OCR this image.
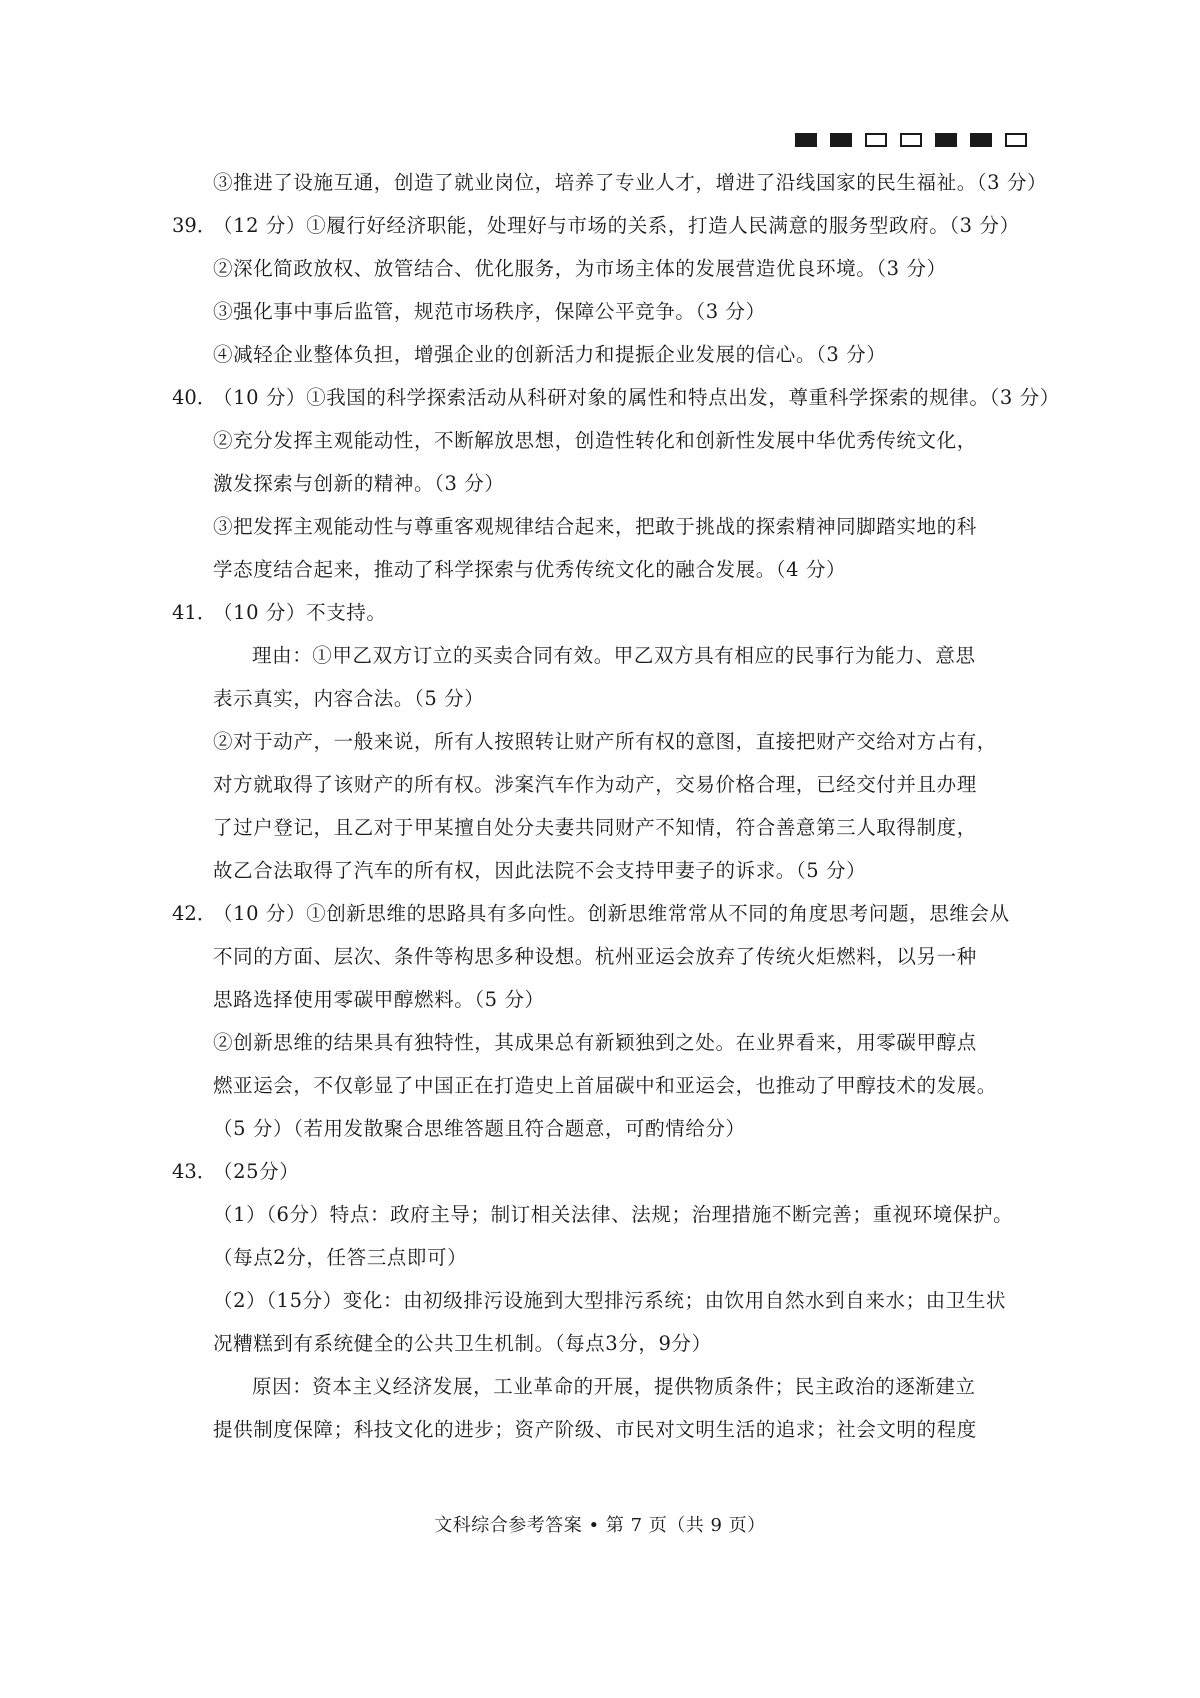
③推进了设施互通，创造了就业岗位，培养了专业人才，增进了沿线国家的民生福祉。（3 分）
39．
（12 分）①履行好经济职能，处理好与市场的关系，打造人民满意的服务型政府。（3 分）
②深化简政放权、放管结合、优化服务，为市场主体的发展营造优良环境。（3 分）
③强化事中事后监管，规范市场秩序，保障公平竞争。（3 分）
④减轻企业整体负担，增强企业的创新活力和提振企业发展的信心。（3 分）
40．
（10 分）①我国的科学探索活动从科研对象的属性和特点出发，尊重科学探索的规律。（3 分）
②充分发挥主观能动性，不断解放思想，创造性转化和创新性发展中华优秀传统文化，
激发探索与创新的精神。（3 分）
③把发挥主观能动性与尊重客观规律结合起来，把敢于挑战的探索精神同脚踏实地的科
学态度结合起来，推动了科学探索与优秀传统文化的融合发展。（4 分）
41．
（10 分）不支持。
理由：①甲乙双方订立的买卖合同有效。甲乙双方具有相应的民事行为能力、意思
表示真实，内容合法。（5 分）
②对于动产，一般来说，所有人按照转让财产所有权的意图，直接把财产交给对方占有，
对方就取得了该财产的所有权。涉案汽车作为动产，交易价格合理，已经交付并且办理
了过户登记，且乙对于甲某擅自处分夫妻共同财产不知情，符合善意第三人取得制度，
故乙合法取得了汽车的所有权，因此法院不会支持甲妻子的诉求。（5 分）
42．
（10 分）①创新思维的思路具有多向性。创新思维常常从不同的角度思考问题，思维会从
不同的方面、层次、条件等构思多种设想。杭州亚运会放弃了传统火炬燃料，以另一种
思路选择使用零碳甲醇燃料。（5 分）
②创新思维的结果具有独特性，其成果总有新颖独到之处。在业界看来，用零碳甲醇点
燃亚运会，不仅彰显了中国正在打造史上首届碳中和亚运会，也推动了甲醇技术的发展。
（5 分）（若用发散聚合思维答题且符合题意，可酌情给分）
43．
（25分）
（1）（6分）特点：政府主导；制订相关法律、法规；治理措施不断完善；重视环境保护。
（每点2分，任答三点即可）
（2）（15分）变化：由初级排污设施到大型排污系统；由饮用自然水到自来水；由卫生状
况糟糕到有系统健全的公共卫生机制。（每点3分，9分）
原因：资本主义经济发展，工业革命的开展，提供物质条件；民主政治的逐渐建立
提供制度保障；科技文化的进步；资产阶级、市民对文明生活的追求；社会文明的程度
文科综合参考答案 • 第 7 页（共 9 页）
